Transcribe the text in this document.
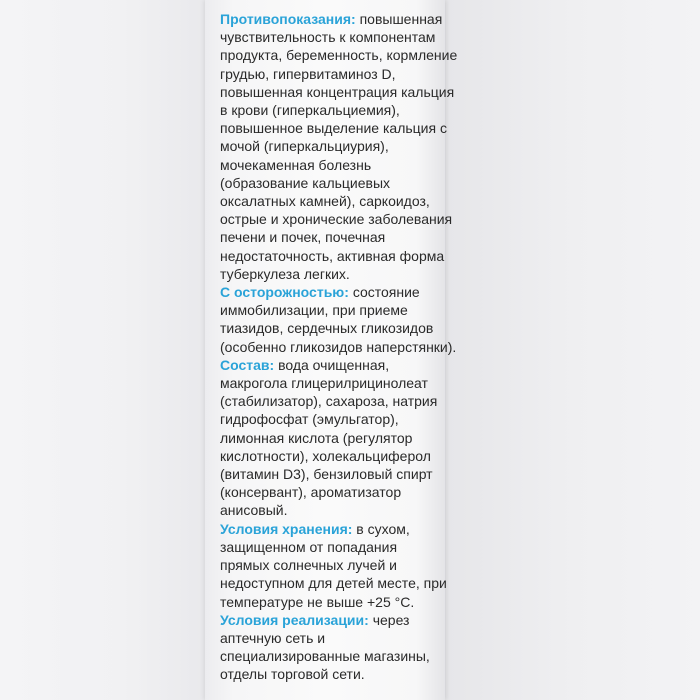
Противопоказания: повышенная
чувствительность к компонентам
продукта, беременность, кормление
грудью, гипервитаминоз D,
повышенная концентрация кальция
в крови (гиперкальциемия),
повышенное выделение кальция с
мочой (гиперкальциурия),
мочекаменная болезнь
(образование кальциевых
оксалатных камней), саркоидоз,
острые и хронические заболевания
печени и почек, почечная
недостаточность, активная форма
туберкулеза легких.
С осторожностью: состояние
иммобилизации, при приеме
тиазидов, сердечных гликозидов
(особенно гликозидов наперстянки).
Состав: вода очищенная,
макрогола глицерилрицинолеат
(стабилизатор), сахароза, натрия
гидрофосфат (эмульгатор),
лимонная кислота (регулятор
кислотности), холекальциферол
(витамин D3), бензиловый спирт
(консервант), ароматизатор
анисовый.
Условия хранения: в сухом,
защищенном от попадания
прямых солнечных лучей и
недоступном для детей месте, при
температуре не выше +25 °С.
Условия реализации: через
аптечную сеть и
специализированные магазины,
отделы торговой сети.
